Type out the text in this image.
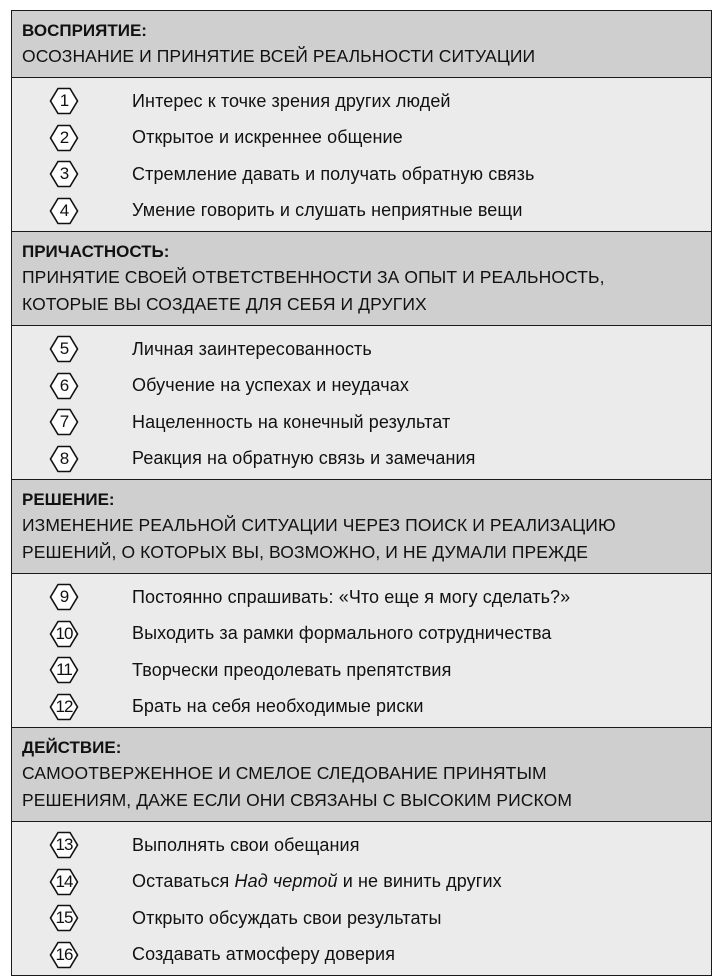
ВОСПРИЯТИЕ:
ОСОЗНАНИЕ И ПРИНЯТИЕ ВСЕЙ РЕАЛЬНОСТИ СИТУАЦИИ
1	Интерес к точке зрения других людей
2	Открытое и искреннее общение
3	Стремление давать и получать обратную связь
4	Умение говорить и слушать неприятные вещи
ПРИЧАСТНОСТЬ:
ПРИНЯТИЕ СВОЕЙ ОТВЕТСТВЕННОСТИ ЗА ОПЫТ И РЕАЛЬНОСТЬ,
КОТОРЫЕ ВЫ СОЗДАЕТЕ ДЛЯ СЕБЯ И ДРУГИХ
5	Личная заинтересованность
6	Обучение на успехах и неудачах
7	Нацеленность на конечный результат
8	Реакция на обратную связь и замечания
РЕШЕНИЕ:
ИЗМЕНЕНИЕ РЕАЛЬНОЙ СИТУАЦИИ ЧЕРЕЗ ПОИСК И РЕАЛИЗАЦИЮ
РЕШЕНИЙ, О КОТОРЫХ ВЫ, ВОЗМОЖНО, И НЕ ДУМАЛИ ПРЕЖДЕ
9	Постоянно спрашивать: «Что еще я могу сделать?»
10	Выходить за рамки формального сотрудничества
11	Творчески преодолевать препятствия
12	Брать на себя необходимые риски
ДЕЙСТВИЕ:
САМООТВЕРЖЕННОЕ И СМЕЛОЕ СЛЕДОВАНИЕ ПРИНЯТЫМ
РЕШЕНИЯМ, ДАЖЕ ЕСЛИ ОНИ СВЯЗАНЫ С ВЫСОКИМ РИСКОМ
13	Выполнять свои обещания
14	Оставаться Над чертой и не винить других
15	Открыто обсуждать свои результаты
16	Создавать атмосферу доверия
